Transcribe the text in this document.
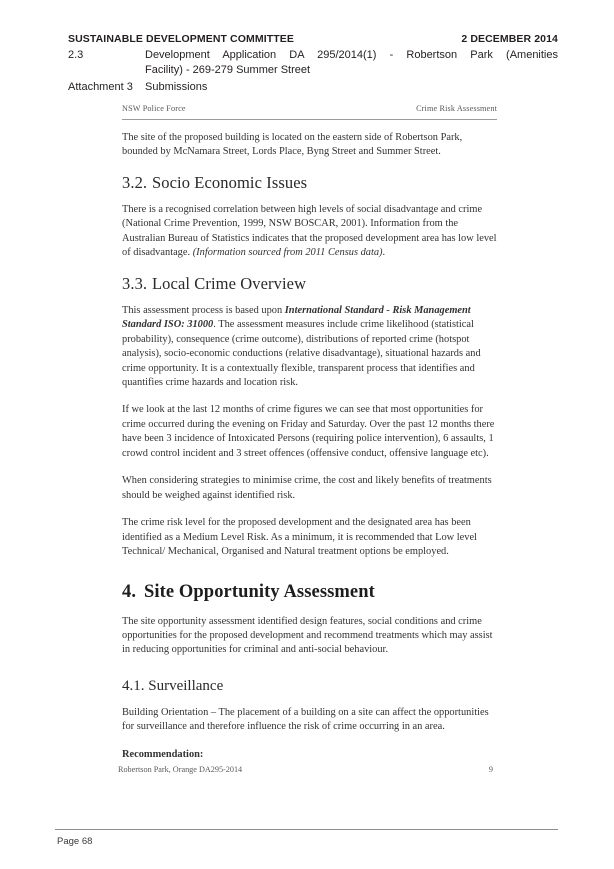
SUSTAINABLE DEVELOPMENT COMMITTEE	2 DECEMBER 2014
2.3	Development Application DA 295/2014(1) - Robertson Park (Amenities
Facility) - 269-279 Summer Street
Attachment 3	Submissions
NSW Police Force	Crime Risk Assessment

The site of the proposed building is located on the eastern side of Robertson Park, bounded by McNamara Street, Lords Place, Byng Street and Summer Street.

3.2. Socio Economic Issues

There is a recognised correlation between high levels of social disadvantage and crime (National Crime Prevention, 1999, NSW BOSCAR, 2001). Information from the Australian Bureau of Statistics indicates that the proposed development area has low level of disadvantage. (Information sourced from 2011 Census data).

3.3. Local Crime Overview

This assessment process is based upon International Standard - Risk Management Standard ISO: 31000. The assessment measures include crime likelihood (statistical probability), consequence (crime outcome), distributions of reported crime (hotspot analysis), socio-economic conductions (relative disadvantage), situational hazards and crime opportunity. It is a contextually flexible, transparent process that identifies and quantifies crime hazards and location risk.

If we look at the last 12 months of crime figures we can see that most opportunities for crime occurred during the evening on Friday and Saturday. Over the past 12 months there have been 3 incidence of Intoxicated Persons (requiring police intervention), 6 assaults, 1 crowd control incident and 3 street offences (offensive conduct, offensive language etc).

When considering strategies to minimise crime, the cost and likely benefits of treatments should be weighed against identified risk.

The crime risk level for the proposed development and the designated area has been identified as a Medium Level Risk. As a minimum, it is recommended that Low level Technical/ Mechanical, Organised and Natural treatment options be employed.

4. Site Opportunity Assessment

The site opportunity assessment identified design features, social conditions and crime opportunities for the proposed development and recommend treatments which may assist in reducing opportunities for criminal and anti-social behaviour.

4.1. Surveillance

Building Orientation – The placement of a building on a site can affect the opportunities for surveillance and therefore influence the risk of crime occurring in an area.

Recommendation:

Robertson Park, Orange DA295-2014	9
Page 68
